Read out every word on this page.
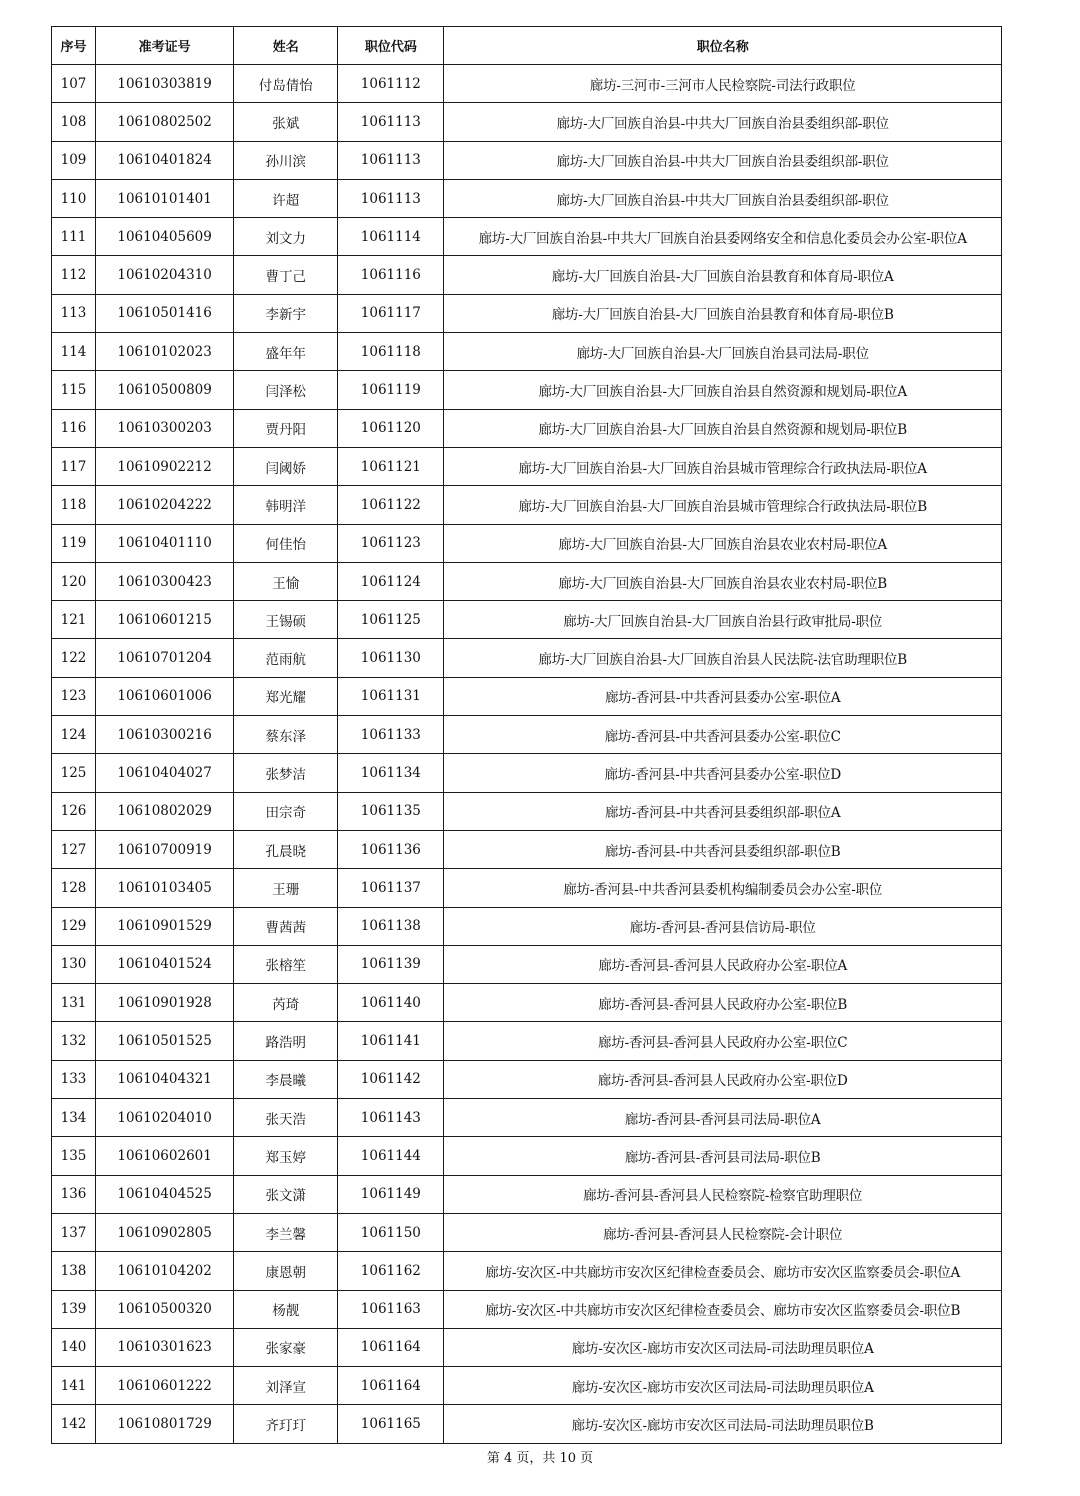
序号	准考证号	姓名	职位代码	职位名称
107	10610303819	付岛倩怡	1061112	廊坊-三河市-三河市人民检察院-司法行政职位
108	10610802502	张斌	1061113	廊坊-大厂回族自治县-中共大厂回族自治县委组织部-职位
109	10610401824	孙川滨	1061113	廊坊-大厂回族自治县-中共大厂回族自治县委组织部-职位
110	10610101401	许超	1061113	廊坊-大厂回族自治县-中共大厂回族自治县委组织部-职位
111	10610405609	刘文力	1061114	廊坊-大厂回族自治县-中共大厂回族自治县委网络安全和信息化委员会办公室-职位A
112	10610204310	曹丁己	1061116	廊坊-大厂回族自治县-大厂回族自治县教育和体育局-职位A
113	10610501416	李新宇	1061117	廊坊-大厂回族自治县-大厂回族自治县教育和体育局-职位B
114	10610102023	盛年年	1061118	廊坊-大厂回族自治县-大厂回族自治县司法局-职位
115	10610500809	闫泽松	1061119	廊坊-大厂回族自治县-大厂回族自治县自然资源和规划局-职位A
116	10610300203	贾丹阳	1061120	廊坊-大厂回族自治县-大厂回族自治县自然资源和规划局-职位B
117	10610902212	闫阈娇	1061121	廊坊-大厂回族自治县-大厂回族自治县城市管理综合行政执法局-职位A
118	10610204222	韩明洋	1061122	廊坊-大厂回族自治县-大厂回族自治县城市管理综合行政执法局-职位B
119	10610401110	何佳怡	1061123	廊坊-大厂回族自治县-大厂回族自治县农业农村局-职位A
120	10610300423	王愉	1061124	廊坊-大厂回族自治县-大厂回族自治县农业农村局-职位B
121	10610601215	王锡硕	1061125	廊坊-大厂回族自治县-大厂回族自治县行政审批局-职位
122	10610701204	范雨航	1061130	廊坊-大厂回族自治县-大厂回族自治县人民法院-法官助理职位B
123	10610601006	郑光耀	1061131	廊坊-香河县-中共香河县委办公室-职位A
124	10610300216	蔡东泽	1061133	廊坊-香河县-中共香河县委办公室-职位C
125	10610404027	张梦洁	1061134	廊坊-香河县-中共香河县委办公室-职位D
126	10610802029	田宗奇	1061135	廊坊-香河县-中共香河县委组织部-职位A
127	10610700919	孔晨晓	1061136	廊坊-香河县-中共香河县委组织部-职位B
128	10610103405	王珊	1061137	廊坊-香河县-中共香河县委机构编制委员会办公室-职位
129	10610901529	曹茜茜	1061138	廊坊-香河县-香河县信访局-职位
130	10610401524	张榕笙	1061139	廊坊-香河县-香河县人民政府办公室-职位A
131	10610901928	芮琦	1061140	廊坊-香河县-香河县人民政府办公室-职位B
132	10610501525	路浩明	1061141	廊坊-香河县-香河县人民政府办公室-职位C
133	10610404321	李晨曦	1061142	廊坊-香河县-香河县人民政府办公室-职位D
134	10610204010	张天浩	1061143	廊坊-香河县-香河县司法局-职位A
135	10610602601	郑玉婷	1061144	廊坊-香河县-香河县司法局-职位B
136	10610404525	张文潇	1061149	廊坊-香河县-香河县人民检察院-检察官助理职位
137	10610902805	李兰馨	1061150	廊坊-香河县-香河县人民检察院-会计职位
138	10610104202	康恩朝	1061162	廊坊-安次区-中共廊坊市安次区纪律检查委员会、廊坊市安次区监察委员会-职位A
139	10610500320	杨靓	1061163	廊坊-安次区-中共廊坊市安次区纪律检查委员会、廊坊市安次区监察委员会-职位B
140	10610301623	张家豪	1061164	廊坊-安次区-廊坊市安次区司法局-司法助理员职位A
141	10610601222	刘泽宣	1061164	廊坊-安次区-廊坊市安次区司法局-司法助理员职位A
142	10610801729	齐玎玎	1061165	廊坊-安次区-廊坊市安次区司法局-司法助理员职位B
第 4 页，共 10 页
